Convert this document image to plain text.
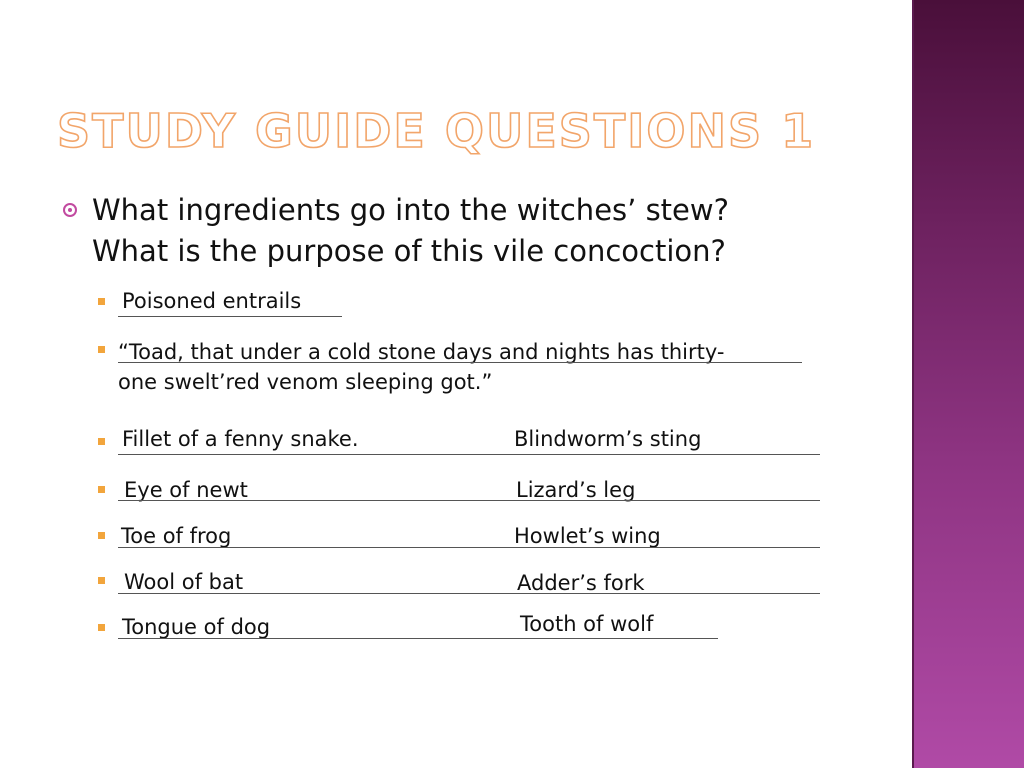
STUDY GUIDE QUESTIONS 1
What ingredients go into the witches’ stew?
What is the purpose of this vile concoction?
Poisoned entrails
“Toad, that under a cold stone days and nights has thirty-
one swelt’red venom sleeping got.”
Fillet of a fenny snake.	Blindworm’s sting
Eye of newt	Lizard’s leg
Toe of frog	Howlet’s wing
Wool of bat	Adder’s fork
Tongue of dog	Tooth of wolf
